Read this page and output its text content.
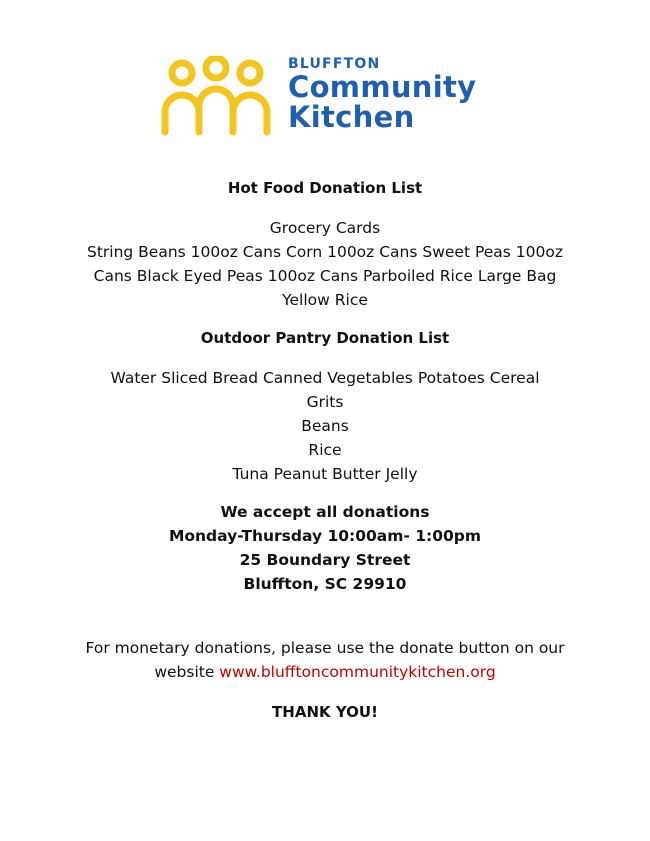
BLUFFTON
Community
Kitchen

Hot Food Donation List

Grocery Cards

String Beans 100oz Cans Corn 100oz Cans Sweet Peas 100oz

Cans Black Eyed Peas 100oz Cans Parboiled Rice Large Bag

Yellow Rice

Outdoor Pantry Donation List

Water Sliced Bread Canned Vegetables Potatoes Cereal

Grits

Beans

Rice

Tuna Peanut Butter Jelly

We accept all donations
Monday-Thursday 10:00am- 1:00pm
25 Boundary Street
Bluffton, SC 29910
For monetary donations, please use the donate button on our
website www.blufftoncommunitykitchen.org
THANK YOU!
